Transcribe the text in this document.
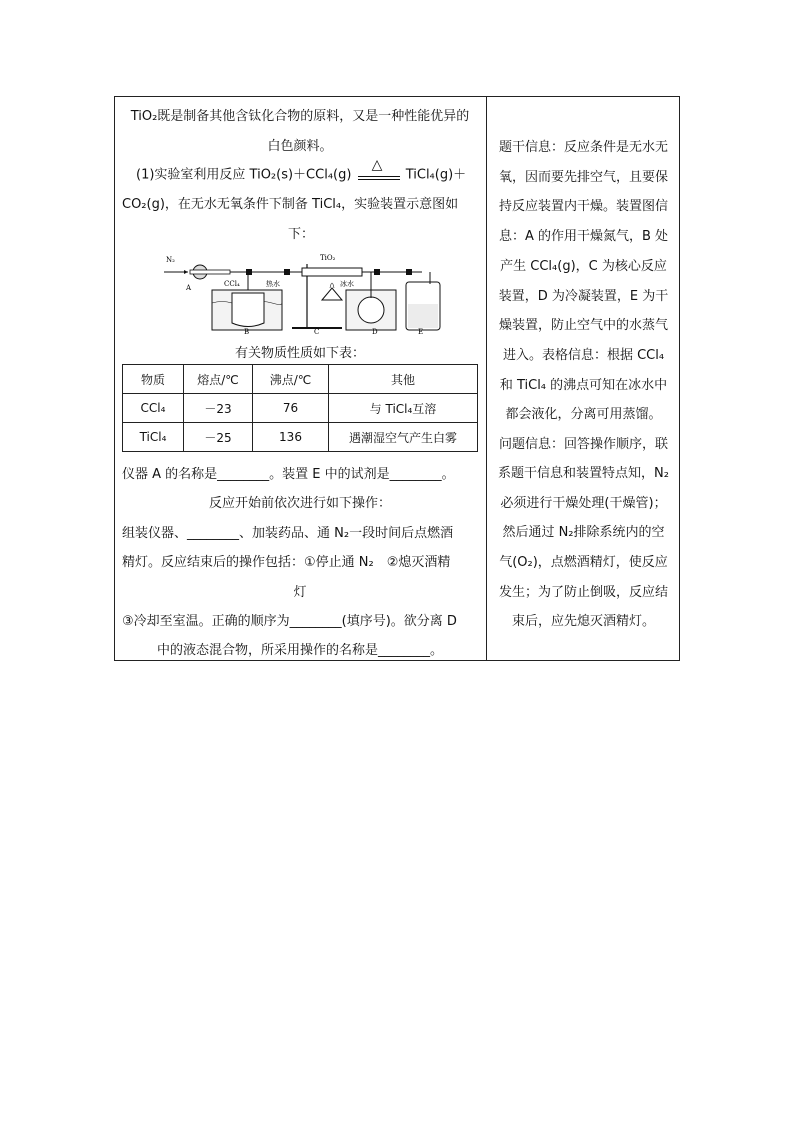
TiO₂既是制备其他含钛化合物的原料，又是一种性能优异的
白色颜料。
(1)实验室利用反应 TiO₂(s)＋CCl₄(g)
△
TiCl₄(g)＋
CO₂(g)，在无水无氧条件下制备 TiCl₄，实验装置示意图如
下：
N₂
A	CCl₄	热水
TiO₂
冰水
B	C	D	E
有关物质性质如下表：
物质	熔点/℃	沸点/℃	其他
CCl₄	－23	76	与 TiCl₄互溶
TiCl₄	－25	136	遇潮湿空气产生白雾
仪器 A 的名称是________。装置 E 中的试剂是________。
反应开始前依次进行如下操作：
组装仪器、________、加装药品、通 N₂一段时间后点燃酒
精灯。反应结束后的操作包括：①停止通 N₂　②熄灭酒精
灯
③冷却至室温。正确的顺序为________(填序号)。欲分离 D
中的液态混合物，所采用操作的名称是________。
题干信息：反应条件是无水无
氧，因而要先排空气，且要保
持反应装置内干燥。装置图信
息：A 的作用干燥氮气，B 处
产生 CCl₄(g)，C 为核心反应
装置，D 为冷凝装置，E 为干
燥装置，防止空气中的水蒸气
进入。表格信息：根据 CCl₄
和 TiCl₄ 的沸点可知在冰水中
都会液化，分离可用蒸馏。
问题信息：回答操作顺序，联
系题干信息和装置特点知，N₂
必须进行干燥处理(干燥管)；
然后通过 N₂排除系统内的空
气(O₂)，点燃酒精灯，使反应
发生；为了防止倒吸，反应结
束后，应先熄灭酒精灯。
